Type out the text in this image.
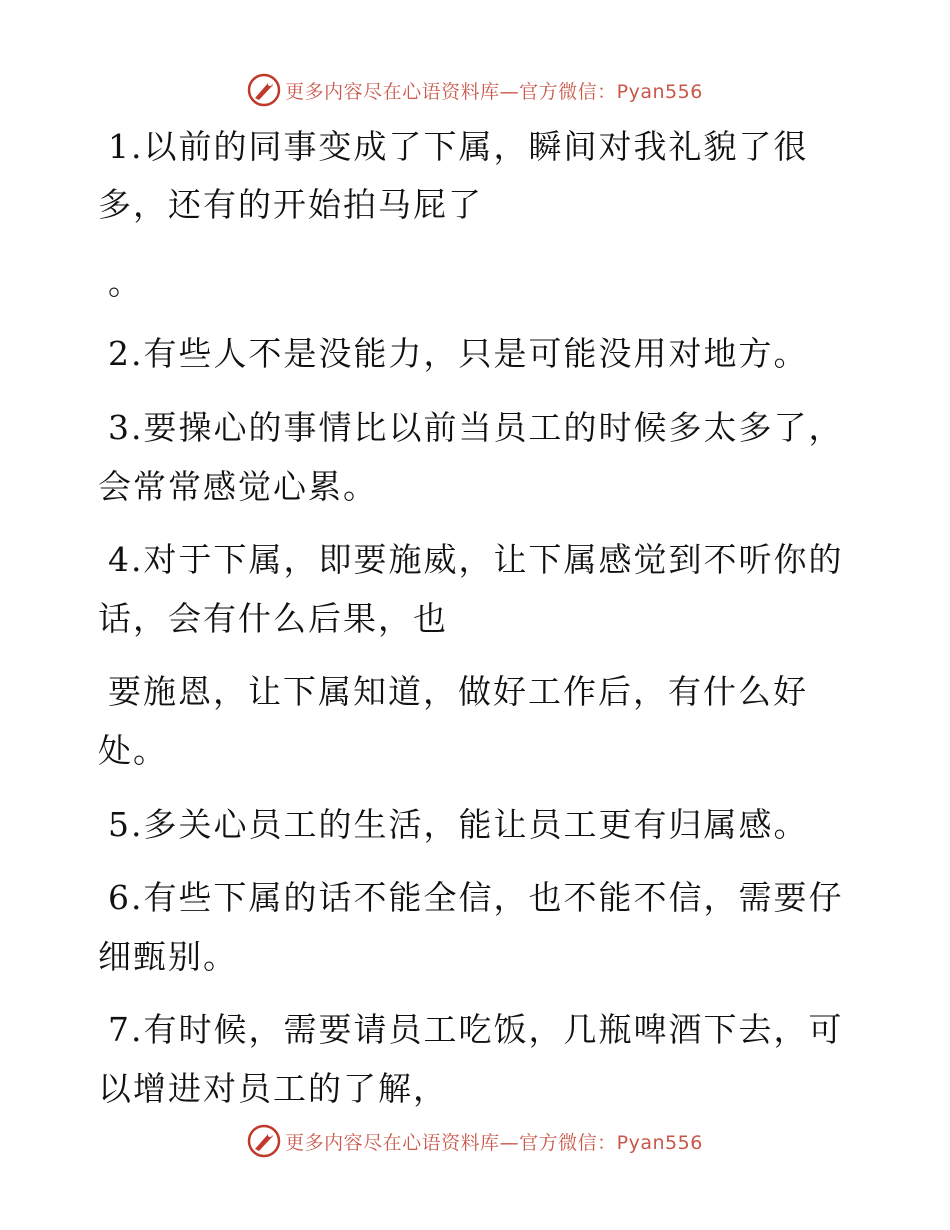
更多内容尽在心语资料库—官方微信：Pyan556

1.以前的同事变成了下属，瞬间对我礼貌了很

多，还有的开始拍马屁了

。

2.有些人不是没能力，只是可能没用对地方。

3.要操心的事情比以前当员工的时候多太多了，

会常常感觉心累。

4.对于下属，即要施威，让下属感觉到不听你的

话，会有什么后果，也

要施恩，让下属知道，做好工作后，有什么好

处。

5.多关心员工的生活，能让员工更有归属感。

6.有些下属的话不能全信，也不能不信，需要仔

细甄别。

7.有时候，需要请员工吃饭，几瓶啤酒下去，可

以增进对员工的了解，

更多内容尽在心语资料库—官方微信：Pyan556
